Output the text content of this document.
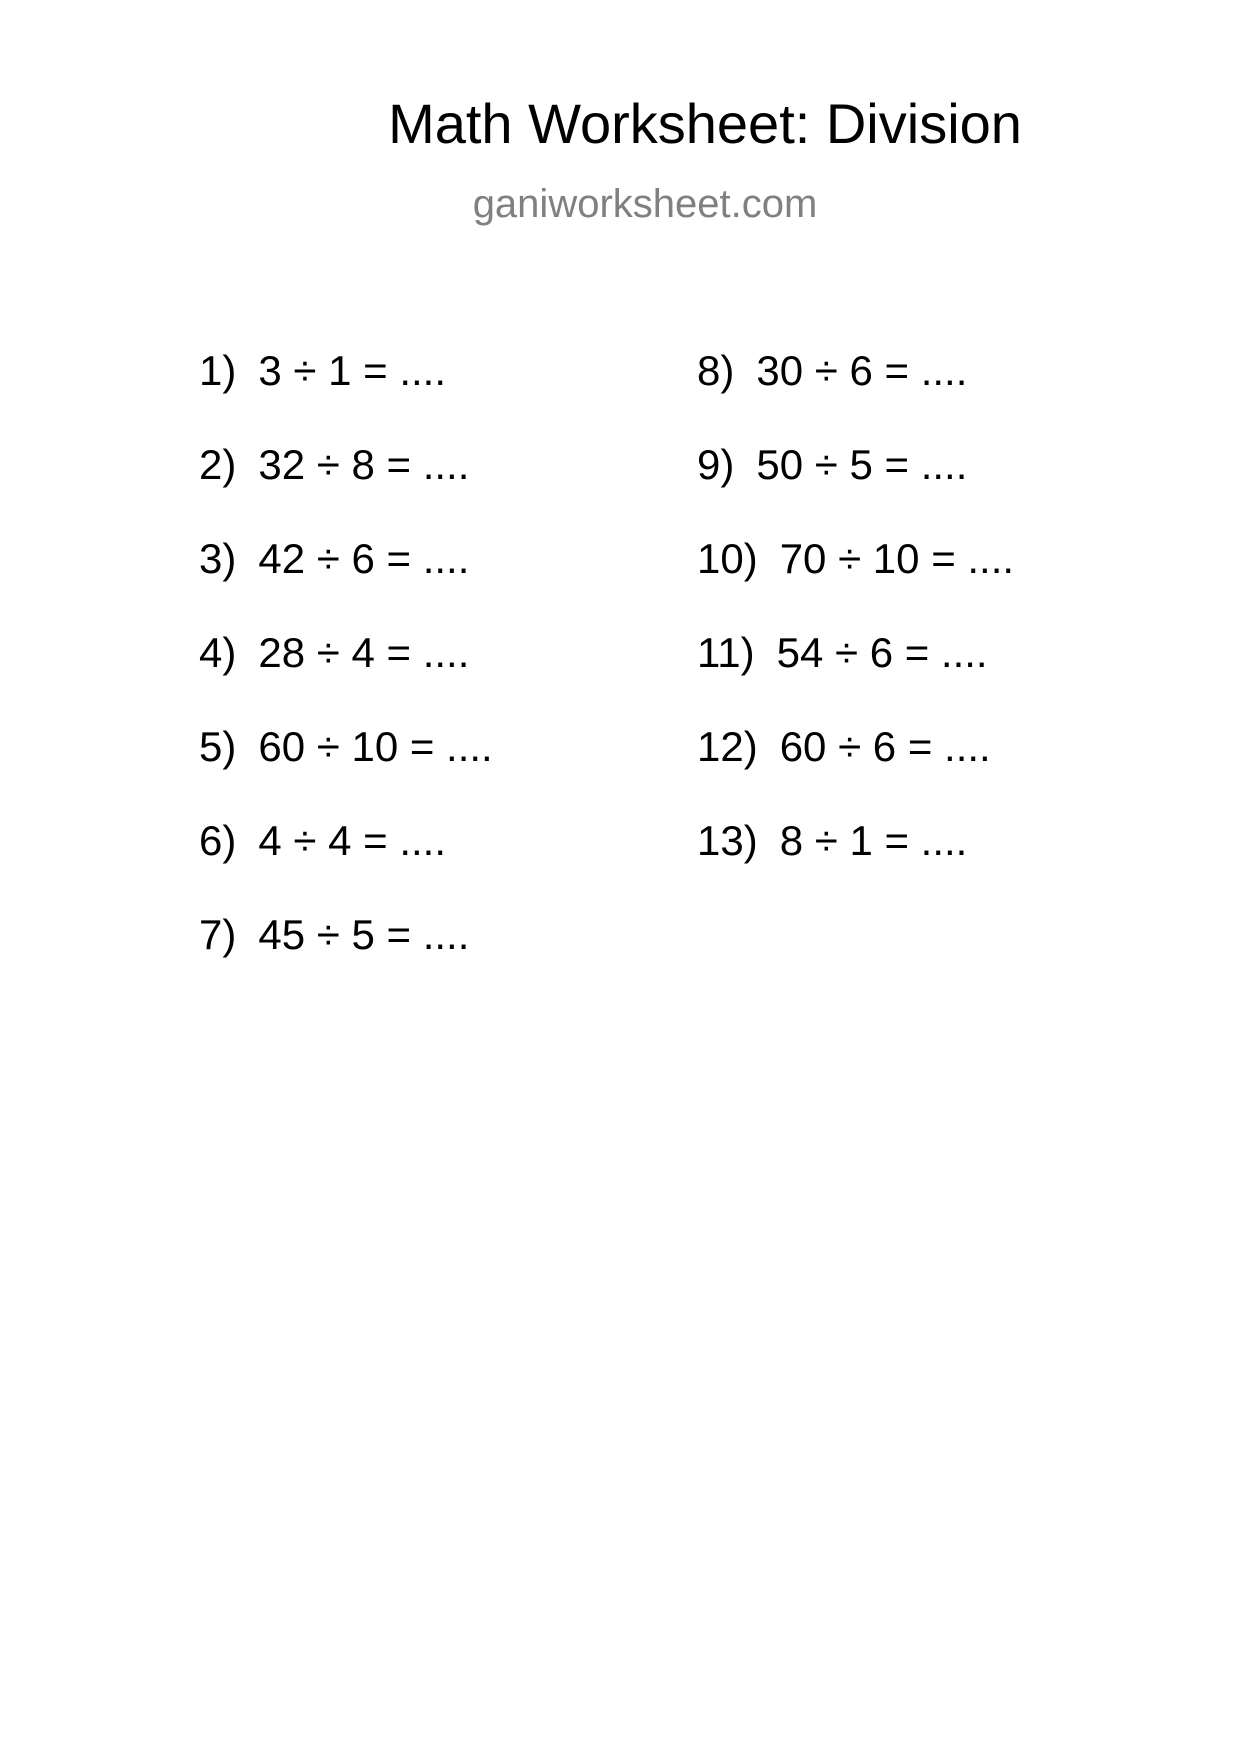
Math Worksheet: Division
ganiworksheet.com
1) 3 ÷ 1 = ....
2) 32 ÷ 8 = ....
3) 42 ÷ 6 = ....
4) 28 ÷ 4 = ....
5) 60 ÷ 10 = ....
6) 4 ÷ 4 = ....
7) 45 ÷ 5 = ....
8) 30 ÷ 6 = ....
9) 50 ÷ 5 = ....
10) 70 ÷ 10 = ....
11) 54 ÷ 6 = ....
12) 60 ÷ 6 = ....
13) 8 ÷ 1 = ....
